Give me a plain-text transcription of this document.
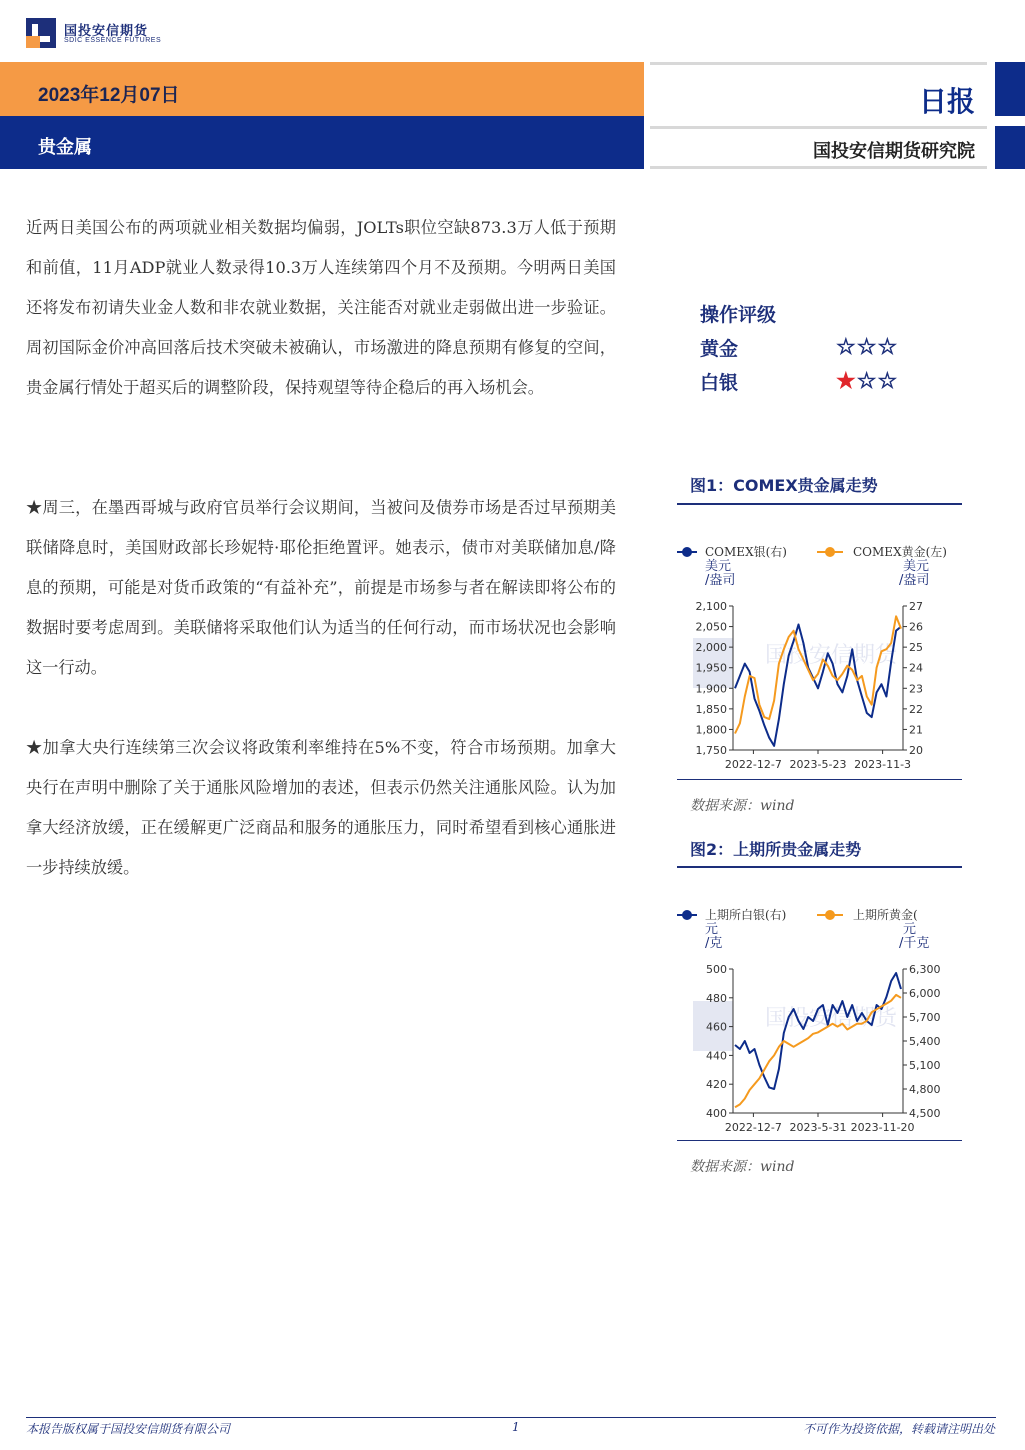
国投安信期货
SDIC ESSENCE FUTURES
2023年12月07日
贵金属
日报
国投安信期货研究院

近两日美国公布的两项就业相关数据均偏弱，JOLTs职位空缺873.3万人低于预期和前值，11月ADP就业人数录得10.3万人连续第四个月不及预期。今明两日美国还将发布初请失业金人数和非农就业数据，关注能否对就业走弱做出进一步验证。周初国际金价冲高回落后技术突破未被确认，市场激进的降息预期有修复的空间，贵金属行情处于超买后的调整阶段，保持观望等待企稳后的再入场机会。

★周三，在墨西哥城与政府官员举行会议期间，当被问及债券市场是否过早预期美联储降息时，美国财政部长珍妮特·耶伦拒绝置评。她表示，债市对美联储加息/降息的预期，可能是对货币政策的“有益补充”，前提是市场参与者在解读即将公布的数据时要考虑周到。美联储将采取他们认为适当的任何行动，而市场状况也会影响这一行动。

★加拿大央行连续第三次会议将政策利率维持在5%不变，符合市场预期。加拿大央行在声明中删除了关于通胀风险增加的表述，但表示仍然关注通胀风险。认为加拿大经济放缓，正在缓解更广泛商品和服务的通胀压力，同时希望看到核心通胀进一步持续放缓。

操作评级
黄金	☆☆☆
白银	★☆☆
图1：COMEX贵金属走势
国投安信期货
COMEX银(右)	COMEX黄金(左)
美元
/盎司
美元
/盎司
2,100
2,050
2,000
1,950
1,900
1,850
1,800
1,750
27
26
25
24
23
22
21
20
2022-12-7 2023-5-23 2023-11-3
数据来源：wind
图2：上期所贵金属走势
国投安信期货
上期所白银(右)	上期所黄金(
元
/克
元
/千克
500
480
460
440
420
400
6,300
6,000
5,700
5,400
5,100
4,800
4,500
2022-12-7 2023-5-31 2023-11-20
数据来源：wind
本报告版权属于国投安信期货有限公司	1	不可作为投资依据，转载请注明出处
